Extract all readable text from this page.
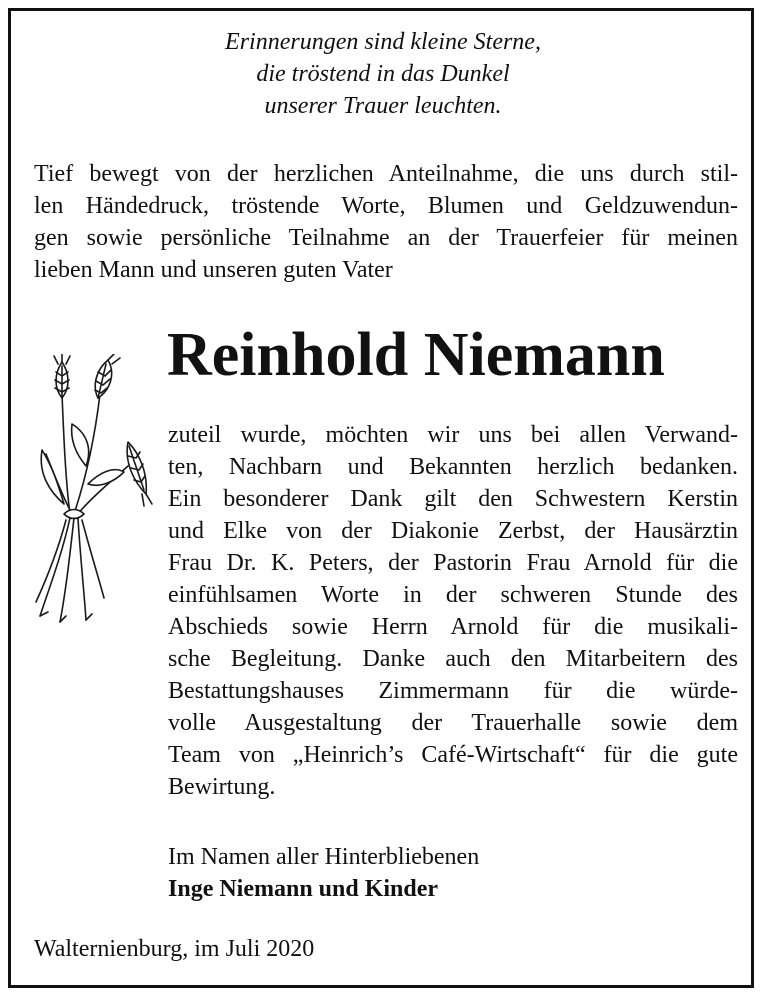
Erinnerungen sind kleine Sterne,
die tröstend in das Dunkel
unserer Trauer leuchten.
Tief bewegt von der herzlichen Anteilnahme, die uns durch stil-
len Händedruck, tröstende Worte, Blumen und Geldzuwendun-
gen sowie persönliche Teilnahme an der Trauerfeier für meinen
lieben Mann und unseren guten Vater
Reinhold Niemann
zuteil wurde, möchten wir uns bei allen Verwand-
ten, Nachbarn und Bekannten herzlich bedanken.
Ein besonderer Dank gilt den Schwestern Kerstin
und Elke von der Diakonie Zerbst, der Hausärztin
Frau Dr. K. Peters, der Pastorin Frau Arnold für die
einfühlsamen Worte in der schweren Stunde des
Abschieds sowie Herrn Arnold für die musikali-
sche Begleitung. Danke auch den Mitarbeitern des
Bestattungshauses Zimmermann für die würde-
volle Ausgestaltung der Trauerhalle sowie dem
Team von „Heinrich’s Café-Wirtschaft“ für die gute
Bewirtung.
Im Namen aller Hinterbliebenen
Inge Niemann und Kinder
Walternienburg, im Juli 2020
